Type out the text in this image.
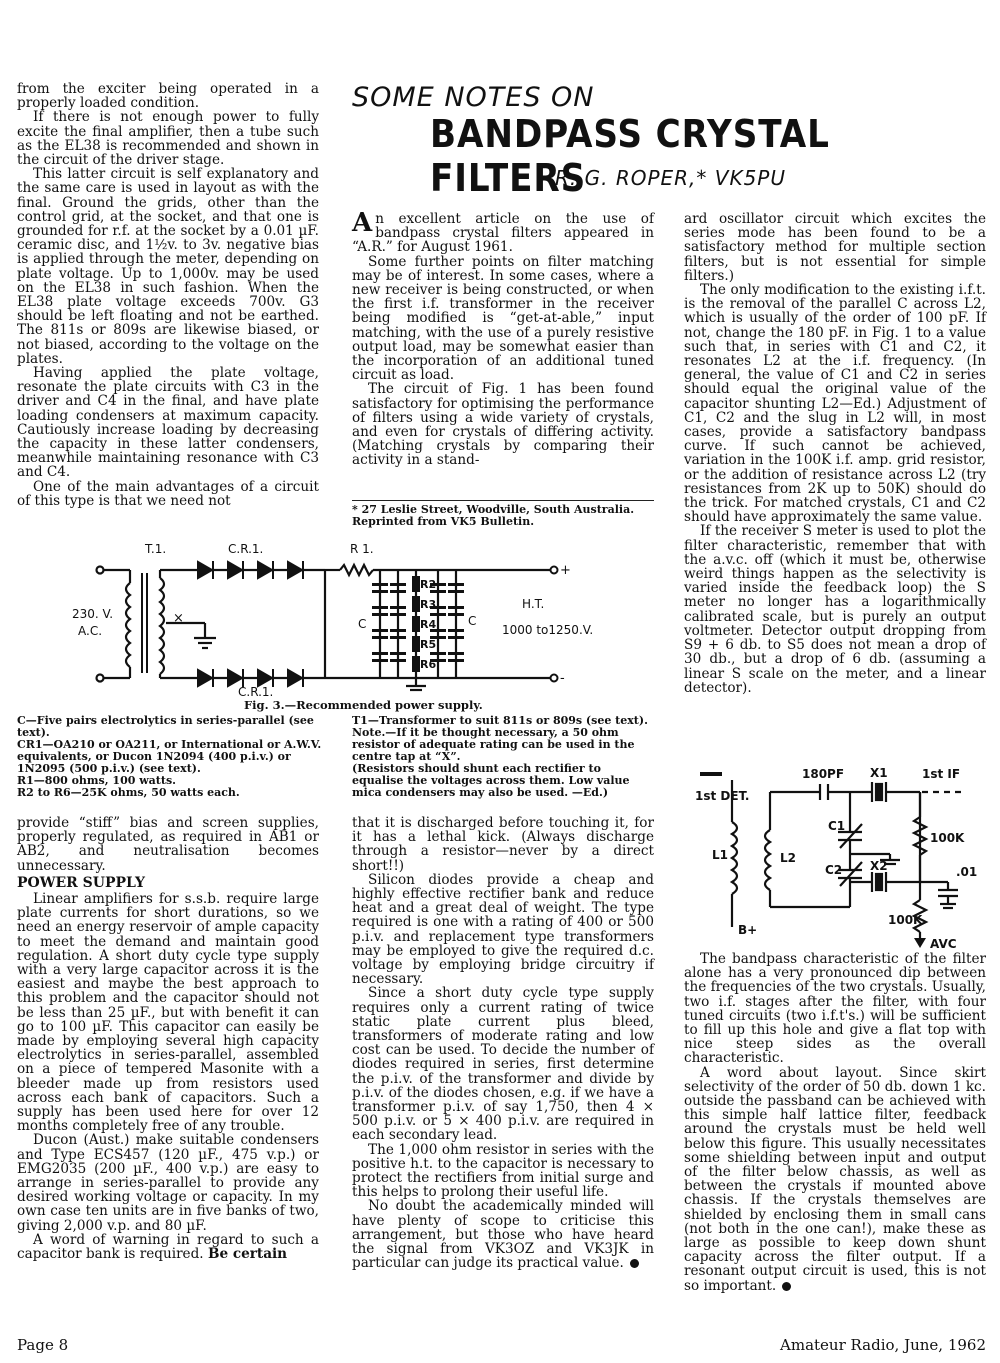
from the exciter being operated in a properly loaded condition.

If there is not enough power to fully excite the final amplifier, then a tube such as the EL38 is recommended and shown in the circuit of the driver stage.

This latter circuit is self explanatory and the same care is used in layout as with the final. Ground the grids, other than the control grid, at the socket, and that one is grounded for r.f. at the socket by a 0.01 µF. ceramic disc, and 1½v. to 3v. negative bias is applied through the meter, depending on plate voltage. Up to 1,000v. may be used on the EL38 in such fashion. When the EL38 plate voltage exceeds 700v. G3 should be left floating and not be earthed. The 811s or 809s are likewise biased, or not biased, according to the voltage on the plates.

Having applied the plate voltage, resonate the plate circuits with C3 in the driver and C4 in the final, and have plate loading condensers at maximum capacity. Cautiously increase loading by decreasing the capacity in these latter condensers, meanwhile maintaining resonance with C3 and C4.

One of the main advantages of a circuit of this type is that we need not

SOME NOTES ON
BANDPASS CRYSTAL FILTERS
R. G. ROPER,* VK5PU

An excellent article on the use of bandpass crystal filters appeared in “A.R.” for August 1961.

Some further points on filter matching may be of interest. In some cases, where a new receiver is being constructed, or when the first i.f. transformer in the receiver being modified is “get-at-able,” input matching, with the use of a purely resistive output load, may be somewhat easier than the incorporation of an additional tuned circuit as load.

The circuit of Fig. 1 has been found satisfactory for optimising the performance of filters using a wide variety of crystals, and even for crystals of differing activity. (Matching crystals by comparing their activity in a stand-

* 27 Leslie Street, Woodville, South Australia. Reprinted from VK5 Bulletin.

ard oscillator circuit which excites the series mode has been found to be a satisfactory method for multiple section filters, but is not essential for simple filters.)

The only modification to the existing i.f.t. is the removal of the parallel C across L2, which is usually of the order of 100 pF. If not, change the 180 pF. in Fig. 1 to a value such that, in series with C1 and C2, it resonates L2 at the i.f. frequency. (In general, the value of C1 and C2 in series should equal the original value of the capacitor shunting L2—Ed.) Adjustment of C1, C2 and the slug in L2 will, in most cases, provide a satisfactory bandpass curve. If such cannot be achieved, variation in the 100K i.f. amp. grid resistor, or the addition of resistance across L2 (try resistances from 2K up to 50K) should do the trick. For matched crystals, C1 and C2 should have approximately the same value.

If the receiver S meter is used to plot the filter characteristic, remember that with the a.v.c. off (which it must be, otherwise weird things happen as the selectivity is varied inside the feedback loop) the S meter no longer has a logarithmically calibrated scale, but is purely an output voltmeter. Detector output dropping from S9 + 6 db. to S5 does not mean a drop of 30 db., but a drop of 6 db. (assuming a linear S scale on the meter, and a linear detector).

×
T.1.	C.R.1.	R 1.
230. V.
A.C.	C	C
R2
R3
R4
R5
R6
+
-
H.T.
1000 to1250.V.
C.R.1.
Fig. 3.—Recommended power supply.
C—Five pairs electrolytics in series-parallel (see text).
CR1—OA210 or OA211, or International or A.W.V. equivalents, or Ducon 1N2094 (400 p.i.v.) or 1N2095 (500 p.i.v.) (see text).
R1—800 ohms, 100 watts.
R2 to R6—25K ohms, 50 watts each.
T1—Transformer to suit 811s or 809s (see text).
Note.—If it be thought necessary, a 50 ohm resistor of adequate rating can be used in the centre tap at “X”.
(Resistors should shunt each rectifier to equalise the voltages across them. Low value mica condensers may also be used. —Ed.)

provide “stiff” bias and screen supplies, properly regulated, as required in AB1 or AB2, and neutralisation becomes unnecessary.

POWER SUPPLY

Linear amplifiers for s.s.b. require large plate currents for short durations, so we need an energy reservoir of ample capacity to meet the demand and maintain good regulation. A short duty cycle type supply with a very large capacitor across it is the easiest and maybe the best approach to this problem and the capacitor should not be less than 25 µF., but with benefit it can go to 100 µF. This capacitor can easily be made by employing several high capacity electrolytics in series-parallel, assembled on a piece of tempered Masonite with a bleeder made up from resistors used across each bank of capacitors. Such a supply has been used here for over 12 months completely free of any trouble.

Ducon (Aust.) make suitable condensers and Type ECS457 (120 µF., 475 v.p.) or EMG2035 (200 µF., 400 v.p.) are easy to arrange in series-parallel to provide any desired working voltage or capacity. In my own case ten units are in five banks of two, giving 2,000 v.p. and 80 µF.

A word of warning in regard to such a capacitor bank is required. Be certain

that it is discharged before touching it, for it has a lethal kick. (Always discharge through a resistor—never by a direct short!!)

Silicon diodes provide a cheap and highly effective rectifier bank and reduce heat and a great deal of weight. The type required is one with a rating of 400 or 500 p.i.v. and replacement type transformers may be employed to give the required d.c. voltage by employing bridge circuitry if necessary.

Since a short duty cycle type supply requires only a current rating of twice static plate current plus bleed, transformers of moderate rating and low cost can be used. To decide the number of diodes required in series, first determine the p.i.v. of the transformer and divide by p.i.v. of the diodes chosen, e.g. if we have a transformer p.i.v. of say 1,750, then 4 × 500 p.i.v. or 5 × 400 p.i.v. are required in each secondary lead.

The 1,000 ohm resistor in series with the positive h.t. to the capacitor is necessary to protect the rectifiers from initial surge and this helps to prolong their useful life.

No doubt the academically minded will have plenty of scope to criticise this arrangement, but those who have heard the signal from VK3OZ and VK3JK in particular can judge its practical value.

1st DET.
180PF X1	1st IF
L1	L2
C1
C2 X2
100K
100K
.01
B+
AVC

The bandpass characteristic of the filter alone has a very pronounced dip between the frequencies of the two crystals. Usually, two i.f. stages after the filter, with four tuned circuits (two i.f.t's.) will be sufficient to fill up this hole and give a flat top with nice steep sides as the overall characteristic.

A word about layout. Since skirt selectivity of the order of 50 db. down 1 kc. outside the passband can be achieved with this simple half lattice filter, feedback around the crystals must be held well below this figure. This usually necessitates some shielding between input and output of the filter below chassis, as well as between the crystals if mounted above chassis. If the crystals themselves are shielded by enclosing them in small cans (not both in the one can!), make these as large as possible to keep down shunt capacity across the filter output. If a resonant output circuit is used, this is not so important.

Page 8	Amateur Radio, June, 1962
